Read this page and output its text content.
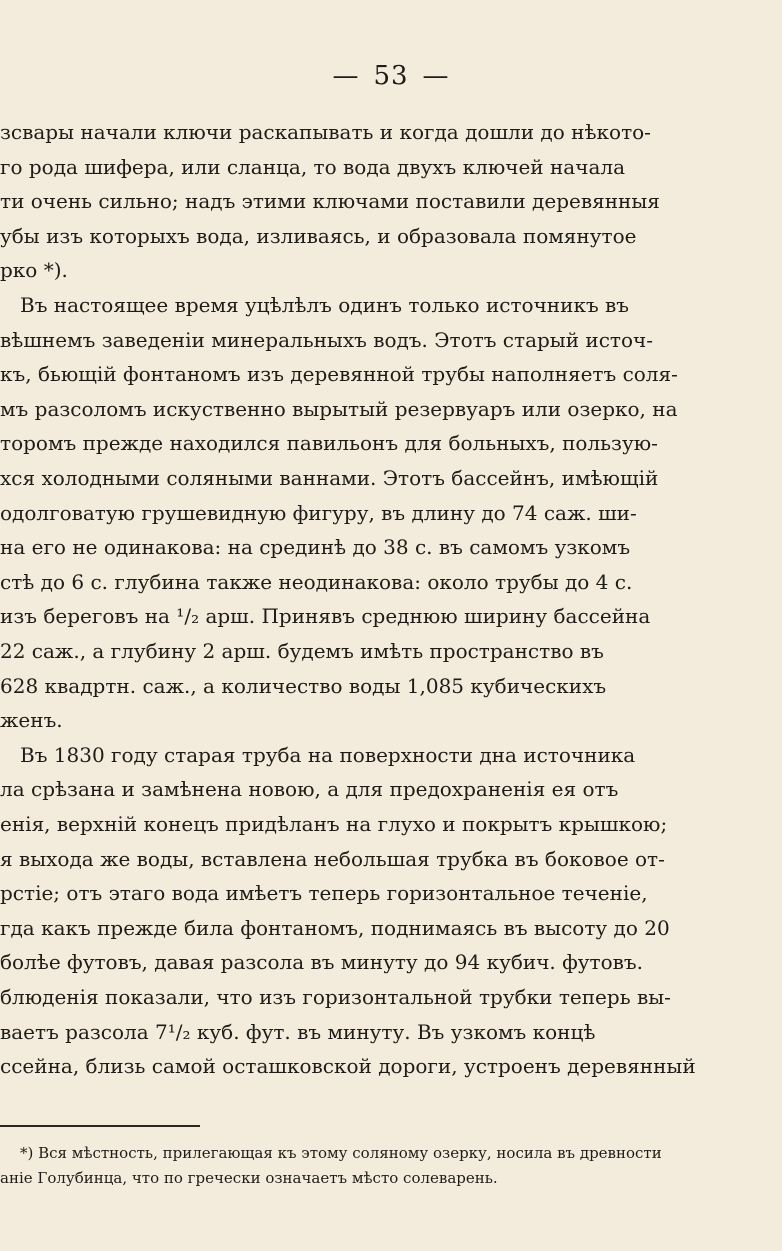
— 53 —
зсвары начали ключи раскапывать и когда дошли до нѣкото-
го рода шифера, или сланца, то вода двухъ ключей начала
ти очень сильно; надъ этими ключами поставили деревянныя
убы изъ которыхъ вода, изливаясь, и образовала помянутое
рко *).
Въ настоящее время уцѣлѣлъ одинъ только источникъ въ
вѣшнемъ заведеніи минеральныхъ водъ. Этотъ старый источ-
къ, бьющій фонтаномъ изъ деревянной трубы наполняетъ соля-
мъ разсоломъ искуственно вырытый резервуаръ или озерко, на
торомъ прежде находился павильонъ для больныхъ, пользую-
хся холодными соляными ваннами. Этотъ бассейнъ, имѣющій
одолговатую грушевидную фигуру, въ длину до 74 саж. ши-
на его не одинакова: на срединѣ до 38 с. въ самомъ узкомъ
стѣ до 6 с. глубина также неодинакова: около трубы до 4 с.
изъ береговъ на ¹/₂ арш. Принявъ среднюю ширину бассейна
22 саж., а глубину 2 арш. будемъ имѣть пространство въ
628 квадртн. саж., а количество воды 1,085 кубическихъ
женъ.
Въ 1830 году старая труба на поверхности дна источника
ла срѣзана и замѣнена новою, а для предохраненія ея отъ
енія, верхній конецъ придѣланъ на глухо и покрытъ крышкою;
я выхода же воды, вставлена небольшая трубка въ боковое от-
рстіе; отъ этаго вода имѣетъ теперь горизонтальное теченіе,
гда какъ прежде била фонтаномъ, поднимаясь въ высоту до 20
болѣе футовъ, давая разсола въ минуту до 94 кубич. футовъ.
блюденія показали, что изъ горизонтальной трубки теперь вы-
ваетъ разсола 7¹/₂ куб. фут. въ минуту. Въ узкомъ концѣ
ссейна, близь самой осташковской дороги, устроенъ деревянный
*) Вся мѣстность, прилегающая къ этому соляному озерку, носила въ древности
аніе Голубинца, что по гречески означаетъ мѣсто солеварень.
